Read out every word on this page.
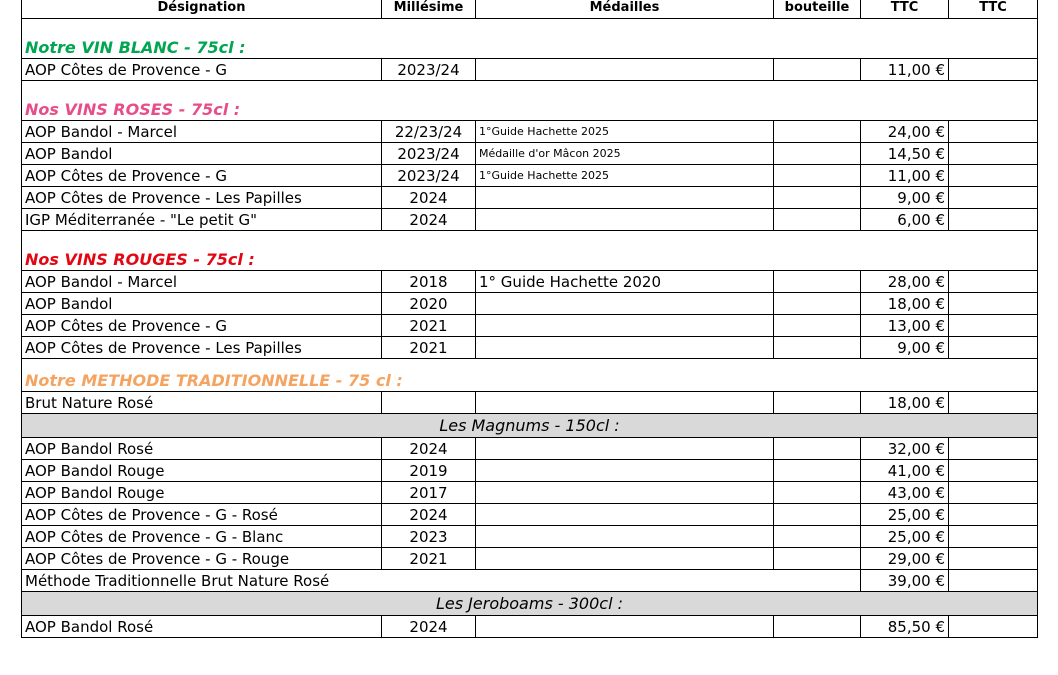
Désignation	Millésime	Médailles	bouteille	TTC	TTC
Notre VIN BLANC - 75cl :					
AOP Côtes de Provence - G	2023/24			11,00 €	
Nos VINS ROSES - 75cl :					
AOP Bandol - Marcel	22/23/24	1°Guide Hachette 2025		24,00 €	
AOP Bandol	2023/24	Médaille d'or Mâcon 2025		14,50 €	
AOP Côtes de Provence - G	2023/24	1°Guide Hachette 2025		11,00 €	
AOP Côtes de Provence - Les Papilles	2024			9,00 €	
IGP Méditerranée - "Le petit G"	2024			6,00 €	
Nos VINS ROUGES - 75cl :					
AOP Bandol - Marcel	2018	1° Guide Hachette 2020		28,00 €	
AOP Bandol	2020			18,00 €	
AOP Côtes de Provence - G	2021			13,00 €	
AOP Côtes de Provence - Les Papilles	2021			9,00 €	
Notre METHODE TRADITIONNELLE - 75 cl :					
Brut Nature Rosé				18,00 €	
Les Magnums - 150cl :					
AOP Bandol Rosé	2024			32,00 €	
AOP Bandol Rouge	2019			41,00 €	
AOP Bandol Rouge	2017			43,00 €	
AOP Côtes de Provence - G - Rosé	2024			25,00 €	
AOP Côtes de Provence - G - Blanc	2023			25,00 €	
AOP Côtes de Provence - G - Rouge	2021			29,00 €	
Méthode Traditionnelle Brut Nature Rosé				39,00 €	
Les Jeroboams - 300cl :					
AOP Bandol Rosé	2024			85,50 €	
